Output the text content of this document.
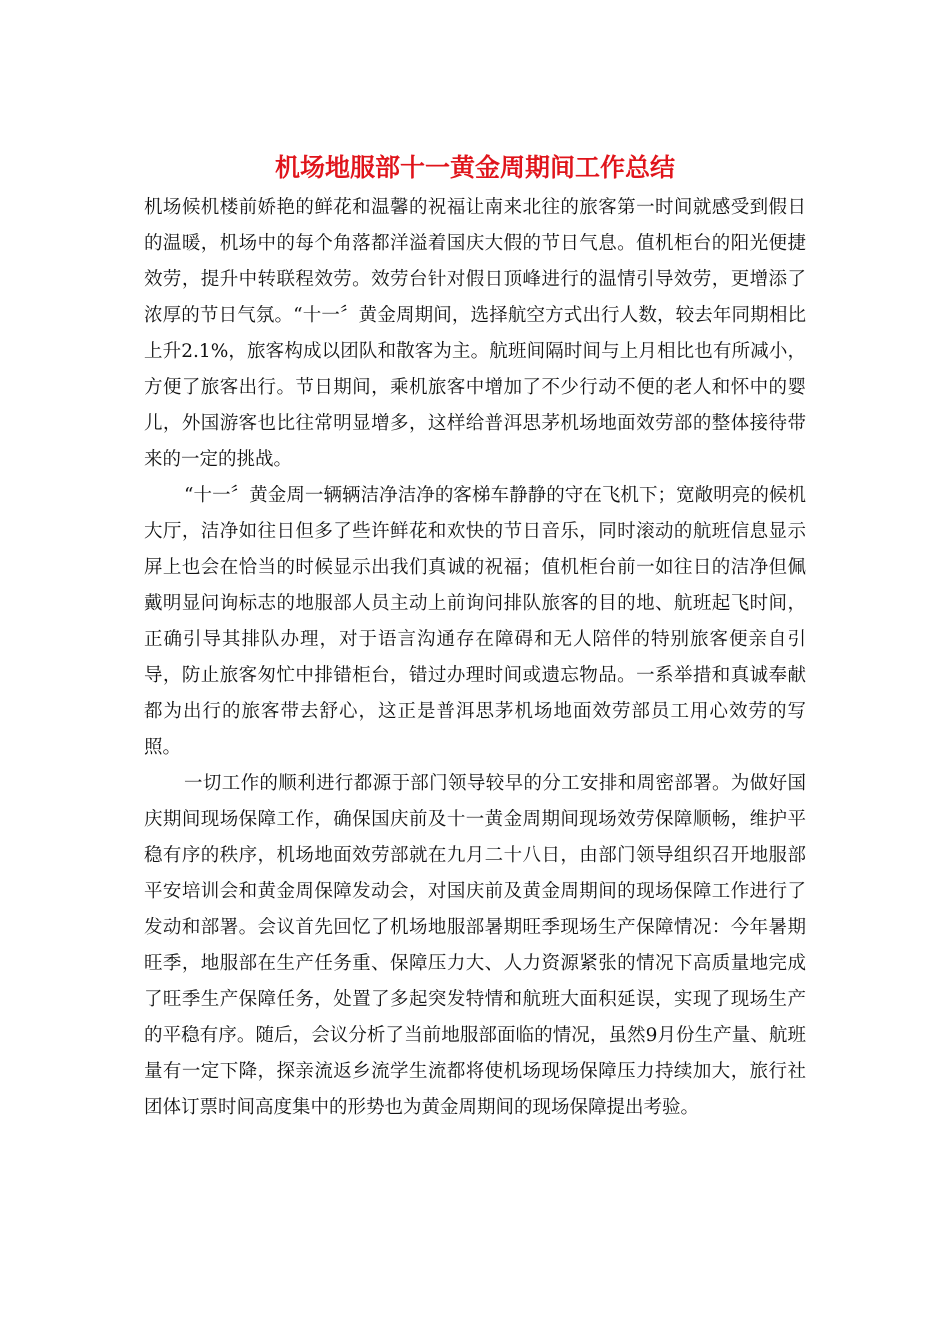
机场地服部十一黄金周期间工作总结

机场候机楼前娇艳的鲜花和温馨的祝福让南来北往的旅客第一时间就感受到假日的温暖，机场中的每个角落都洋溢着国庆大假的节日气息。值机柜台的阳光便捷效劳，提升中转联程效劳。效劳台针对假日顶峰进行的温情引导效劳，更增添了浓厚的节日气氛。“十一〞黄金周期间，选择航空方式出行人数，较去年同期相比上升2.1%，旅客构成以团队和散客为主。航班间隔时间与上月相比也有所减小，方便了旅客出行。节日期间，乘机旅客中增加了不少行动不便的老人和怀中的婴儿，外国游客也比往常明显增多，这样给普洱思茅机场地面效劳部的整体接待带来的一定的挑战。

“十一〞黄金周一辆辆洁净洁净的客梯车静静的守在飞机下；宽敞明亮的候机大厅，洁净如往日但多了些许鲜花和欢快的节日音乐，同时滚动的航班信息显示屏上也会在恰当的时候显示出我们真诚的祝福；值机柜台前一如往日的洁净但佩戴明显问询标志的地服部人员主动上前询问排队旅客的目的地、航班起飞时间，正确引导其排队办理，对于语言沟通存在障碍和无人陪伴的特别旅客便亲自引导，防止旅客匆忙中排错柜台，错过办理时间或遗忘物品。一系举措和真诚奉献都为出行的旅客带去舒心，这正是普洱思茅机场地面效劳部员工用心效劳的写照。

一切工作的顺利进行都源于部门领导较早的分工安排和周密部署。为做好国庆期间现场保障工作，确保国庆前及十一黄金周期间现场效劳保障顺畅，维护平稳有序的秩序，机场地面效劳部就在九月二十八日，由部门领导组织召开地服部平安培训会和黄金周保障发动会，对国庆前及黄金周期间的现场保障工作进行了发动和部署。会议首先回忆了机场地服部暑期旺季现场生产保障情况：今年暑期旺季，地服部在生产任务重、保障压力大、人力资源紧张的情况下高质量地完成了旺季生产保障任务，处置了多起突发特情和航班大面积延误，实现了现场生产的平稳有序。随后，会议分析了当前地服部面临的情况，虽然9月份生产量、航班量有一定下降，探亲流返乡流学生流都将使机场现场保障压力持续加大，旅行社团体订票时间高度集中的形势也为黄金周期间的现场保障提出考验。
